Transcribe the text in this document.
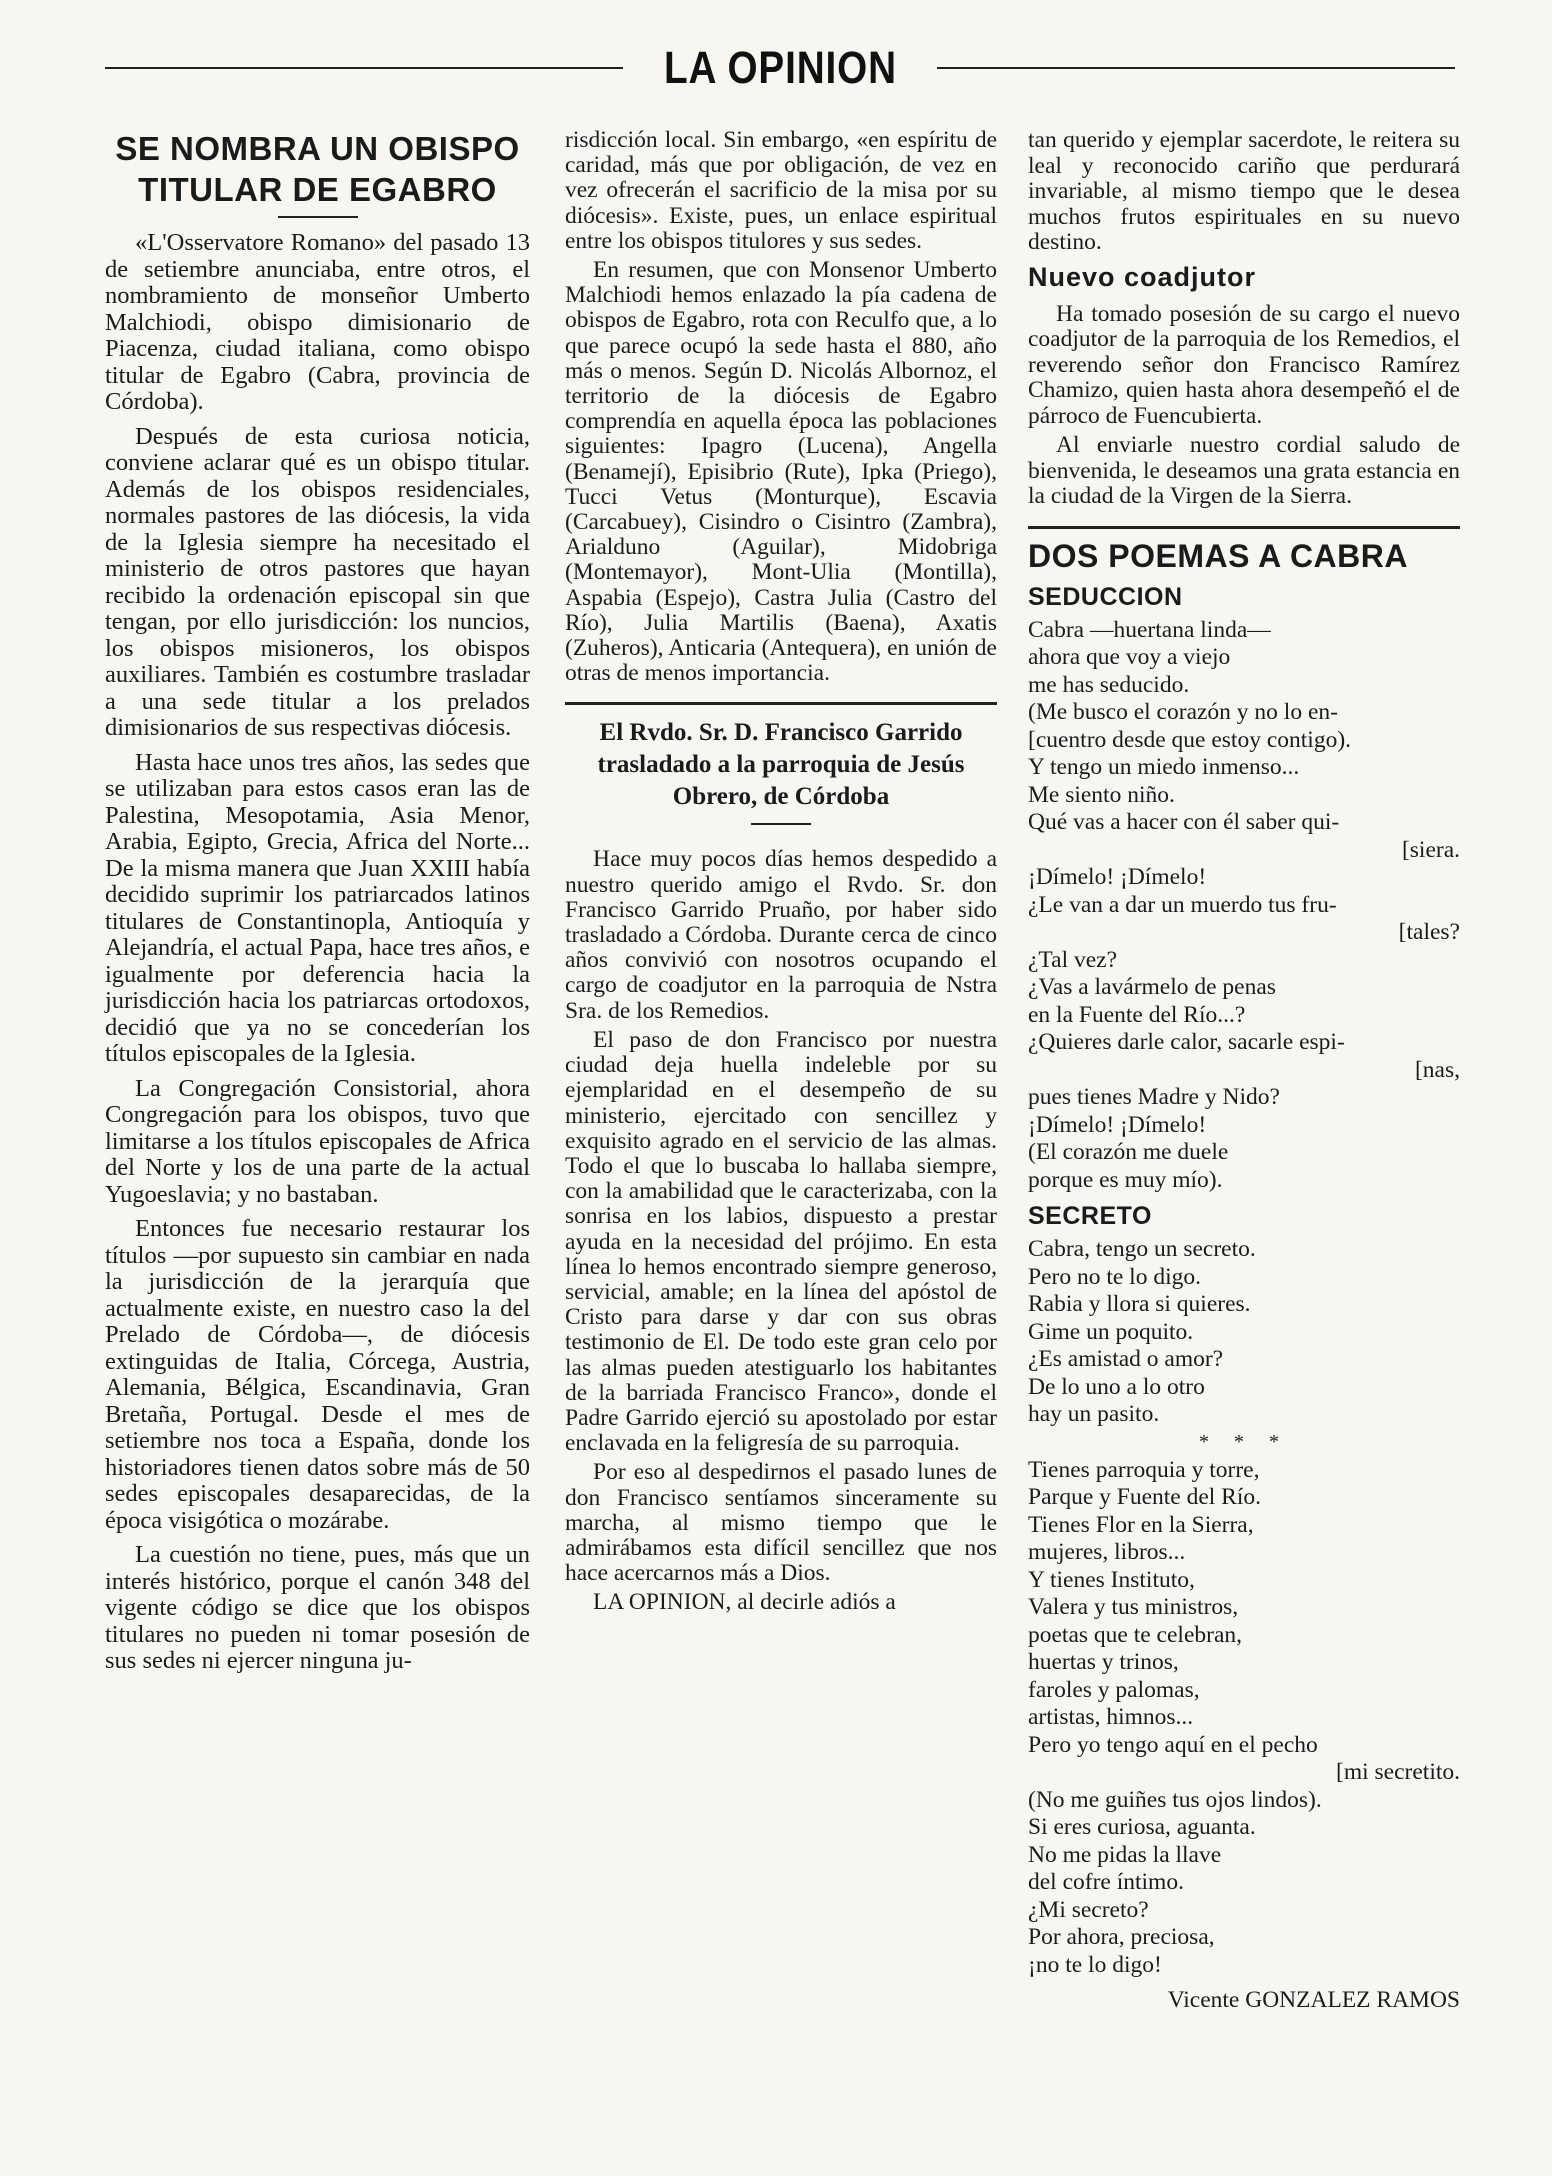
LA OPINION
SE NOMBRA UN OBISPO TITULAR DE EGABRO

«L'Osservatore Romano» del pasado 13 de setiembre anunciaba, entre otros, el nombramiento de monseñor Umberto Malchiodi, obispo dimisionario de Piacenza, ciudad italiana, como obispo titular de Egabro (Cabra, provincia de Córdoba).

Después de esta curiosa noticia, conviene aclarar qué es un obispo titular. Además de los obispos residenciales, normales pastores de las diócesis, la vida de la Iglesia siempre ha necesitado el ministerio de otros pastores que hayan recibido la ordenación episcopal sin que tengan, por ello jurisdicción: los nuncios, los obispos misioneros, los obispos auxiliares. También es costumbre trasladar a una sede titular a los prelados dimisionarios de sus respectivas diócesis.

Hasta hace unos tres años, las sedes que se utilizaban para estos casos eran las de Palestina, Mesopotamia, Asia Menor, Arabia, Egipto, Grecia, Africa del Norte... De la misma manera que Juan XXIII había decidido suprimir los patriarcados latinos titulares de Constantinopla, Antioquía y Alejandría, el actual Papa, hace tres años, e igualmente por deferencia hacia la jurisdicción hacia los patriarcas ortodoxos, decidió que ya no se concederían los títulos episcopales de la Iglesia.

La Congregación Consistorial, ahora Congregación para los obispos, tuvo que limitarse a los títulos episcopales de Africa del Norte y los de una parte de la actual Yugoeslavia; y no bastaban.

Entonces fue necesario restaurar los títulos —por supuesto sin cambiar en nada la jurisdicción de la jerarquía que actualmente existe, en nuestro caso la del Prelado de Córdoba—, de diócesis extinguidas de Italia, Córcega, Austria, Alemania, Bélgica, Escandinavia, Gran Bretaña, Portugal. Desde el mes de setiembre nos toca a España, donde los historiadores tienen datos sobre más de 50 sedes episcopales desaparecidas, de la época visigótica o mozárabe.

La cuestión no tiene, pues, más que un interés histórico, porque el canón 348 del vigente código se dice que los obispos titulares no pueden ni tomar posesión de sus sedes ni ejercer ninguna ju-

risdicción local. Sin embargo, «en espíritu de caridad, más que por obligación, de vez en vez ofrecerán el sacrificio de la misa por su diócesis». Existe, pues, un enlace espiritual entre los obispos titulores y sus sedes.

En resumen, que con Monsenor Umberto Malchiodi hemos enlazado la pía cadena de obispos de Egabro, rota con Reculfo que, a lo que parece ocupó la sede hasta el 880, año más o menos. Según D. Nicolás Albornoz, el territorio de la diócesis de Egabro comprendía en aquella época las poblaciones siguientes: Ipagro (Lucena), Angella (Benamejí), Episibrio (Rute), Ipka (Priego), Tucci Vetus (Monturque), Escavia (Carcabuey), Cisindro o Cisintro (Zambra), Arialduno (Aguilar), Midobriga (Montemayor), Mont-Ulia (Montilla), Aspabia (Espejo), Castra Julia (Castro del Río), Julia Martilis (Baena), Axatis (Zuheros), Anticaria (Antequera), en unión de otras de menos importancia.

El Rvdo. Sr. D. Francisco Garrido trasladado a la parroquia de Jesús Obrero, de Córdoba

Hace muy pocos días hemos despedido a nuestro querido amigo el Rvdo. Sr. don Francisco Garrido Pruaño, por haber sido trasladado a Córdoba. Durante cerca de cinco años convivió con nosotros ocupando el cargo de coadjutor en la parroquia de Nstra Sra. de los Remedios.

El paso de don Francisco por nuestra ciudad deja huella indeleble por su ejemplaridad en el desempeño de su ministerio, ejercitado con sencillez y exquisito agrado en el servicio de las almas. Todo el que lo buscaba lo hallaba siempre, con la amabilidad que le caracterizaba, con la sonrisa en los labios, dispuesto a prestar ayuda en la necesidad del prójimo. En esta línea lo hemos encontrado siempre generoso, servicial, amable; en la línea del apóstol de Cristo para darse y dar con sus obras testimonio de El. De todo este gran celo por las almas pueden atestiguarlo los habitantes de la barriada Francisco Franco», donde el Padre Garrido ejerció su apostolado por estar enclavada en la feligresía de su parroquia.

Por eso al despedirnos el pasado lunes de don Francisco sentíamos sinceramente su marcha, al mismo tiempo que le admirábamos esta difícil sencillez que nos hace acercarnos más a Dios.

LA OPINION, al decirle adiós a

tan querido y ejemplar sacerdote, le reitera su leal y reconocido cariño que perdurará invariable, al mismo tiempo que le desea muchos frutos espirituales en su nuevo destino.

Nuevo coadjutor

Ha tomado posesión de su cargo el nuevo coadjutor de la parroquia de los Remedios, el reverendo señor don Francisco Ramírez Chamizo, quien hasta ahora desempeñó el de párroco de Fuencubierta.

Al enviarle nuestro cordial saludo de bienvenida, le deseamos una grata estancia en la ciudad de la Virgen de la Sierra.

DOS POEMAS A CABRA
SEDUCCION
Cabra —huertana linda—
ahora que voy a viejo
me has seducido.
(Me busco el corazón y no lo en-
[cuentro desde que estoy contigo).
Y tengo un miedo inmenso...
Me siento niño.
Qué vas a hacer con él saber qui-
[siera.
¡Dímelo! ¡Dímelo!
¿Le van a dar un muerdo tus fru-
[tales?
¿Tal vez?
¿Vas a lavármelo de penas
en la Fuente del Río...?
¿Quieres darle calor, sacarle espi-
[nas,
pues tienes Madre y Nido?
¡Dímelo! ¡Dímelo!
(El corazón me duele
porque es muy mío).
SECRETO
Cabra, tengo un secreto.
Pero no te lo digo.
Rabia y llora si quieres.
Gime un poquito.
¿Es amistad o amor?
De lo uno a lo otro
hay un pasito.
* * *
Tienes parroquia y torre,
Parque y Fuente del Río.
Tienes Flor en la Sierra,
mujeres, libros...
Y tienes Instituto,
Valera y tus ministros,
poetas que te celebran,
huertas y trinos,
faroles y palomas,
artistas, himnos...
Pero yo tengo aquí en el pecho
[mi secretito.
(No me guiñes tus ojos lindos).
Si eres curiosa, aguanta.
No me pidas la llave
del cofre íntimo.
¿Mi secreto?
Por ahora, preciosa,
¡no te lo digo!
Vicente GONZALEZ RAMOS
